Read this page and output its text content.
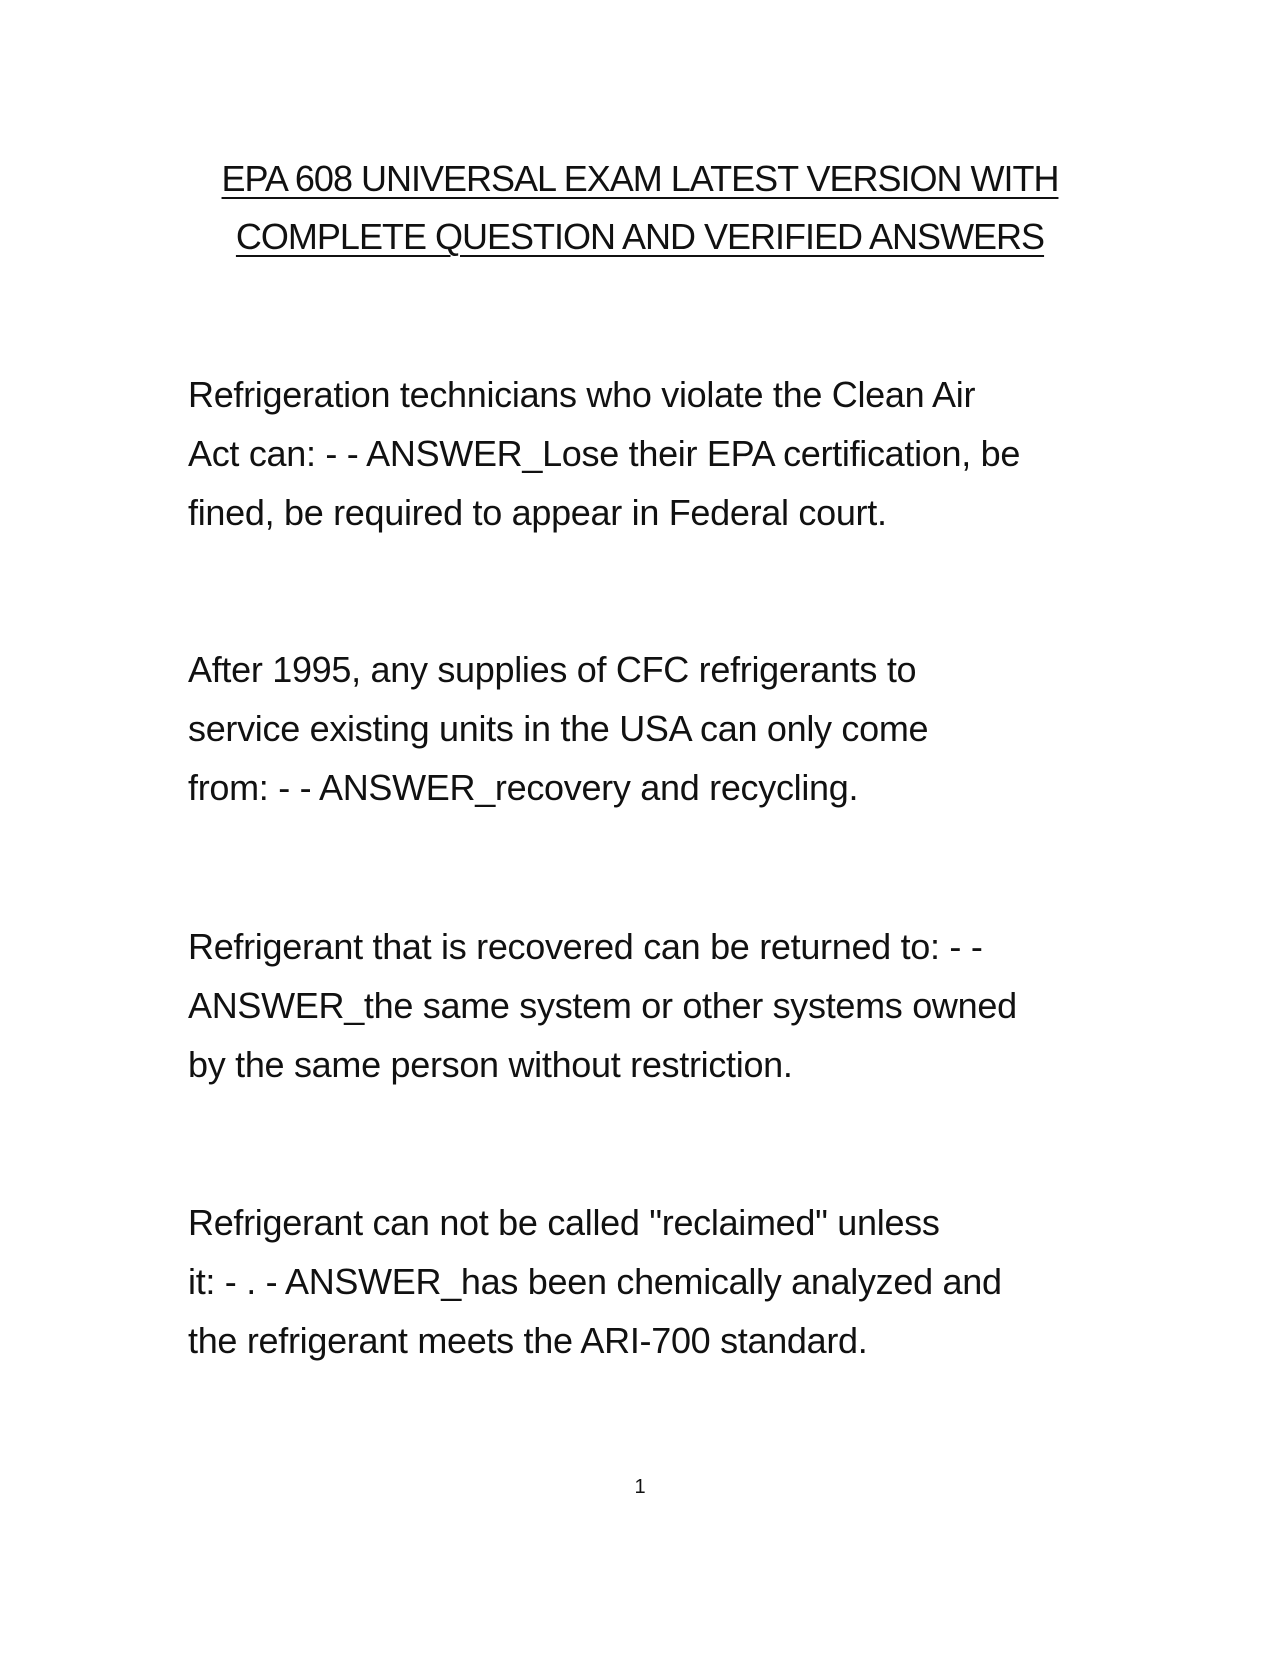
EPA 608 UNIVERSAL EXAM LATEST VERSION WITH
COMPLETE QUESTION AND VERIFIED ANSWERS

Refrigeration technicians who violate the Clean Air
Act can: - - ANSWER_Lose their EPA certification, be
fined, be required to appear in Federal court.

After 1995, any supplies of CFC refrigerants to
service existing units in the USA can only come
from: - - ANSWER_recovery and recycling.

Refrigerant that is recovered can be returned to: - -
ANSWER_the same system or other systems owned
by the same person without restriction.

Refrigerant can not be called "reclaimed" unless
it: - . - ANSWER_has been chemically analyzed and
the refrigerant meets the ARI-700 standard.

1
